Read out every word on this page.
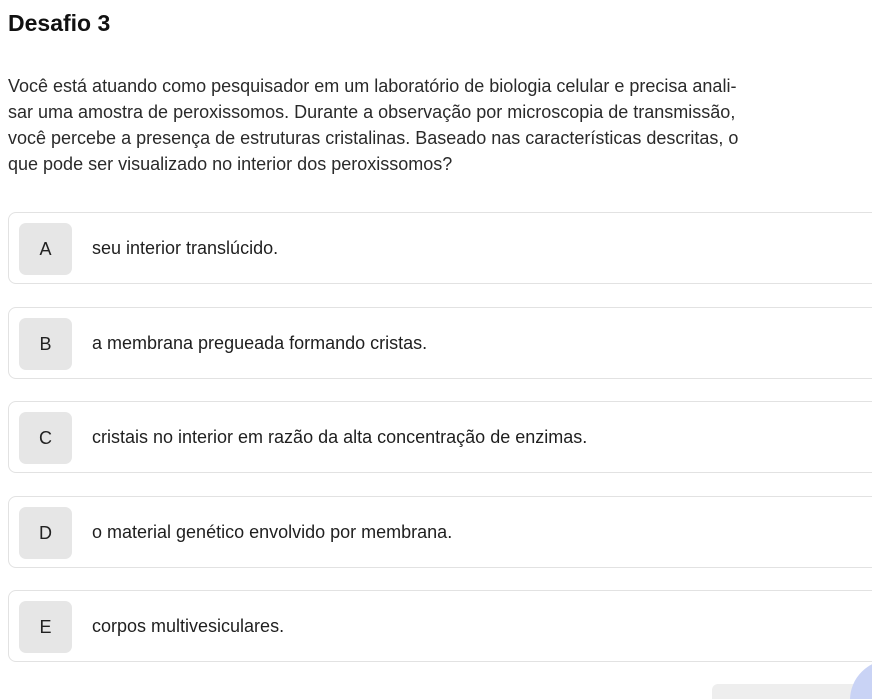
Desafio 3
Você está atuando como pesquisador em um laboratório de biologia celular e precisa anali-
sar uma amostra de peroxissomos. Durante a observação por microscopia de transmissão,
você percebe a presença de estruturas cristalinas. Baseado nas características descritas, o
que pode ser visualizado no interior dos peroxissomos?
A	seu interior translúcido.
B	a membrana pregueada formando cristas.
C	cristais no interior em razão da alta concentração de enzimas.
D	o material genético envolvido por membrana.
E	corpos multivesiculares.
